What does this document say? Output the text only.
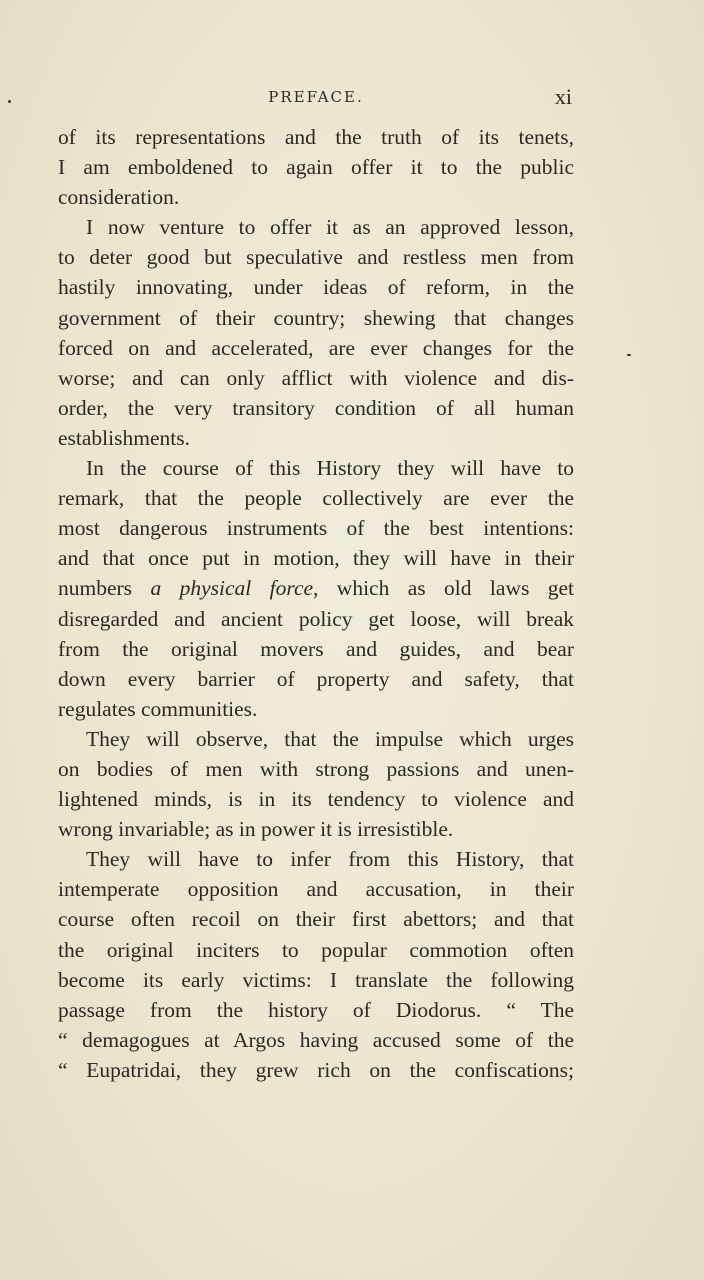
PREFACE.	xi
of its representations and the truth of its tenets,
I am emboldened to again offer it to the public
consideration.
I now venture to offer it as an approved lesson,
to deter good but speculative and restless men from
hastily innovating, under ideas of reform, in the
government of their country; shewing that changes
forced on and accelerated, are ever changes for the
worse; and can only afflict with violence and dis-
order, the very transitory condition of all human
establishments.
In the course of this History they will have to
remark, that the people collectively are ever the
most dangerous instruments of the best intentions:
and that once put in motion, they will have in their
numbers a physical force, which as old laws get
disregarded and ancient policy get loose, will break
from the original movers and guides, and bear
down every barrier of property and safety, that
regulates communities.
They will observe, that the impulse which urges
on bodies of men with strong passions and unen-
lightened minds, is in its tendency to violence and
wrong invariable; as in power it is irresistible.
They will have to infer from this History, that
intemperate opposition and accusation, in their
course often recoil on their first abettors; and that
the original inciters to popular commotion often
become its early victims: I translate the following
passage from the history of Diodorus. “ The
“ demagogues at Argos having accused some of the
“ Eupatridai, they grew rich on the confiscations;
